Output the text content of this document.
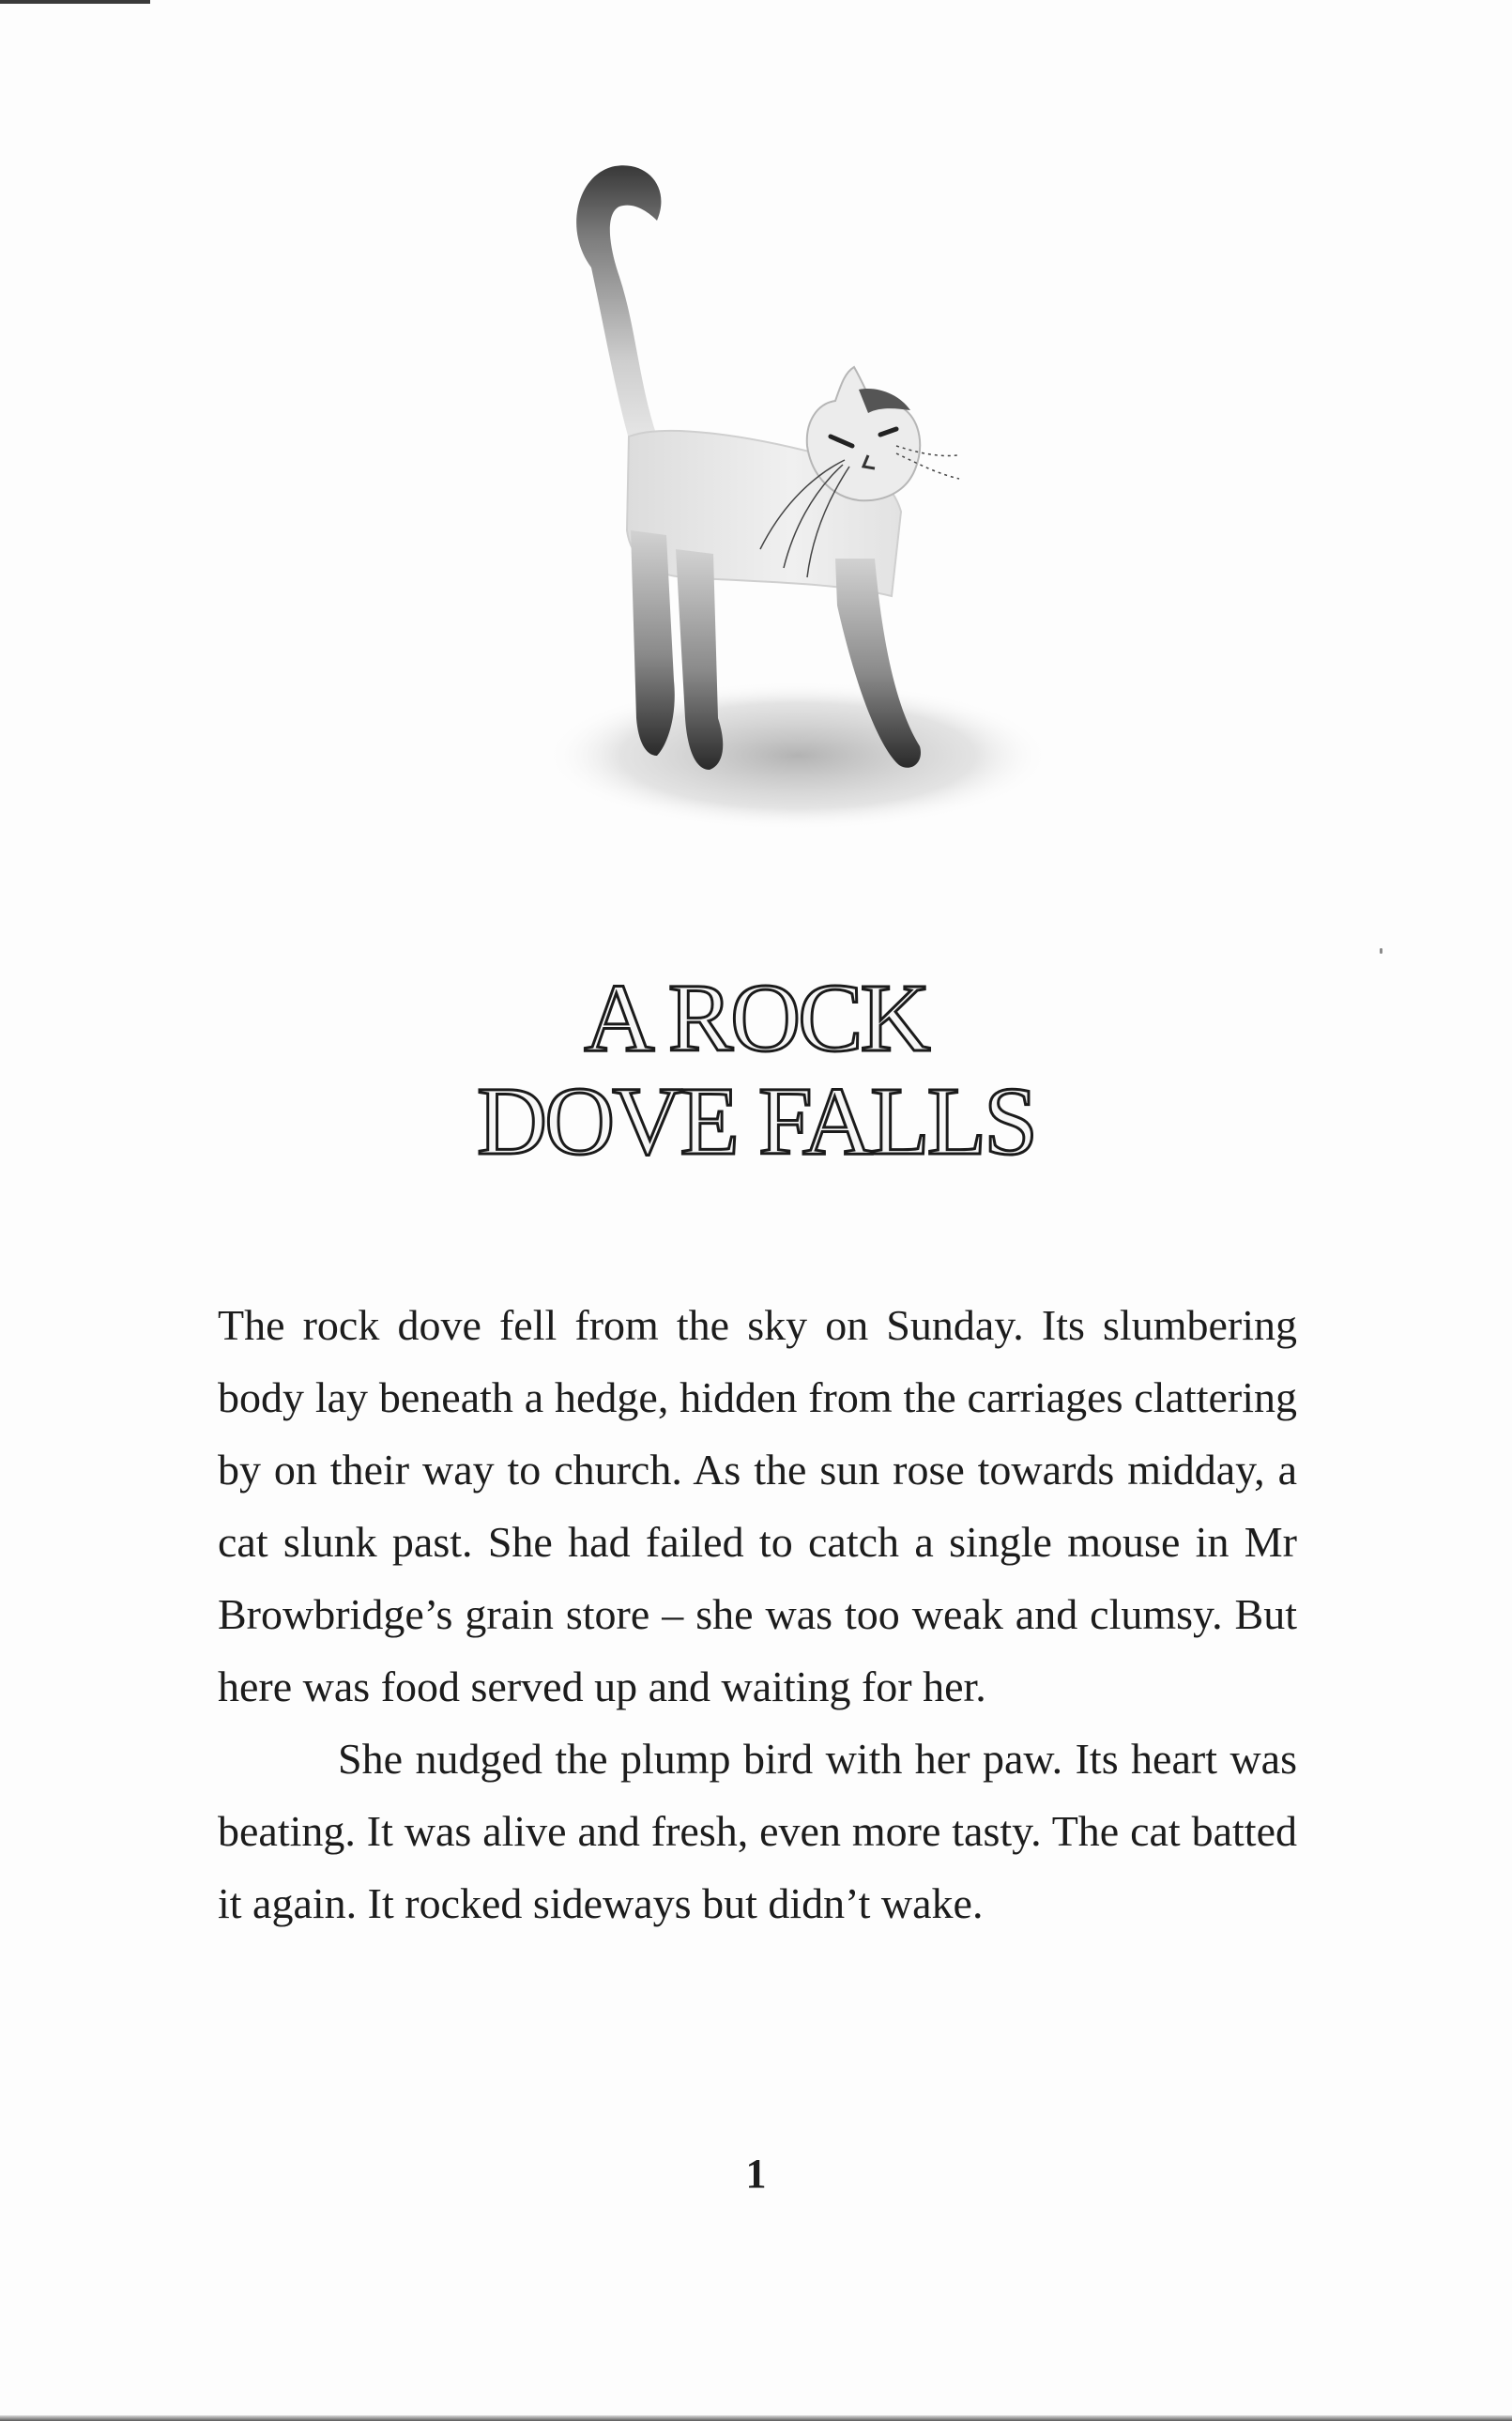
A ROCK
DOVE FALLS

The rock dove fell from the sky on Sunday. Its slumbering body lay beneath a hedge, hidden from the carriages clattering by on their way to church. As the sun rose towards midday, a cat slunk past. She had failed to catch a single mouse in Mr Browbridge’s grain store – she was too weak and clumsy. But here was food served up and waiting for her.

She nudged the plump bird with her paw. Its heart was beating. It was alive and fresh, even more tasty. The cat batted it again. It rocked sideways but didn’t wake.

1
